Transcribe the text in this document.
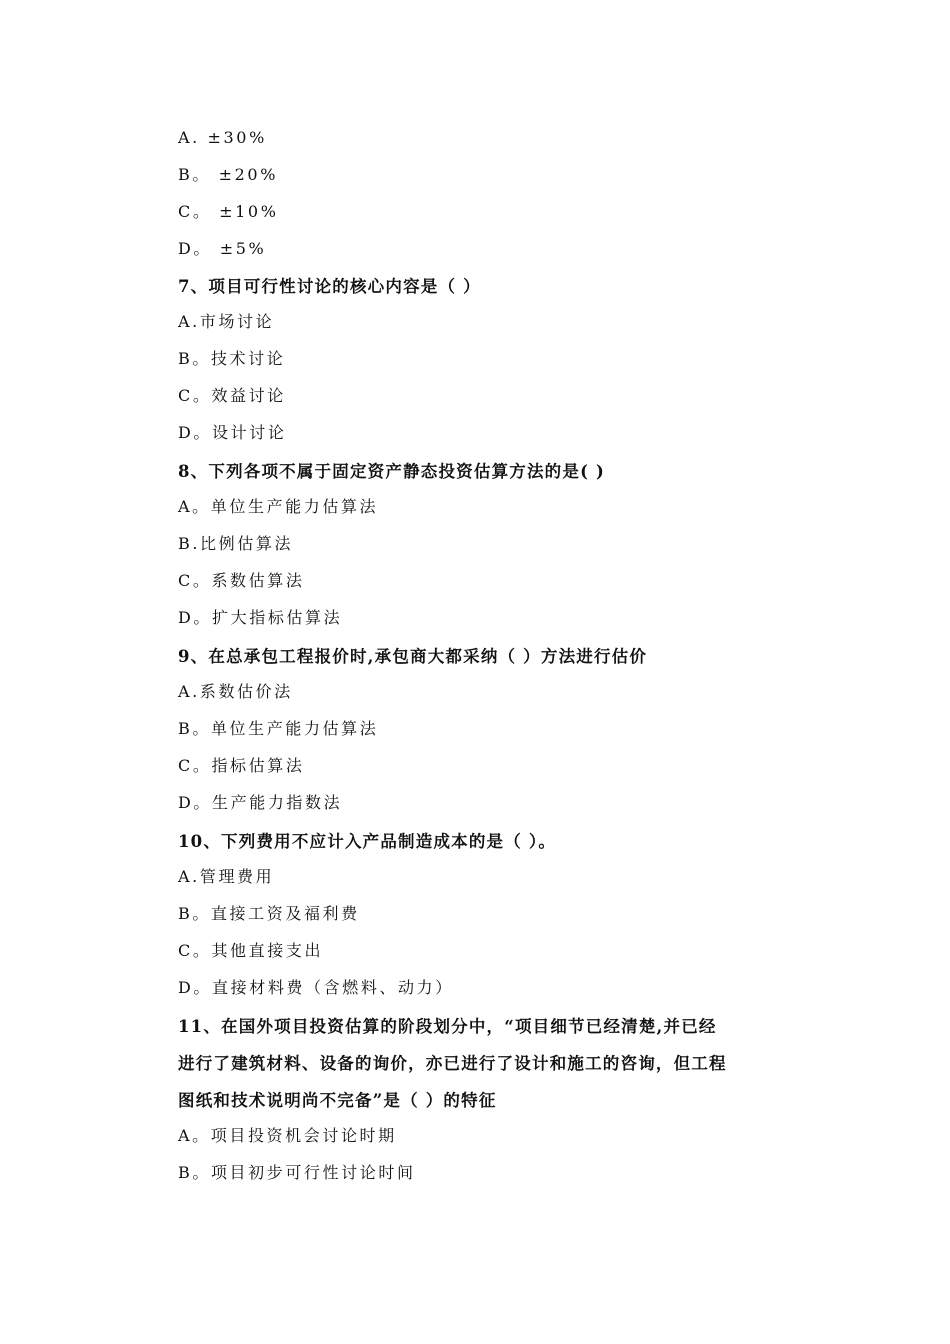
A. ±30%
B。 ±20%
C。 ±10%
D。 ±5%
7、项目可行性讨论的核心内容是（ ）
A.市场讨论
B。技术讨论
C。效益讨论
D。设计讨论
8、下列各项不属于固定资产静态投资估算方法的是( )
A。单位生产能力估算法
B.比例估算法
C。系数估算法
D。扩大指标估算法
9、在总承包工程报价时,承包商大都采纳（ ）方法进行估价
A.系数估价法
B。单位生产能力估算法
C。指标估算法
D。生产能力指数法
10、下列费用不应计入产品制造成本的是（ ）。
A.管理费用
B。直接工资及福利费
C。其他直接支出
D。直接材料费（含燃料、动力）
11、在国外项目投资估算的阶段划分中，“项目细节已经清楚,并已经
进行了建筑材料、设备的询价，亦已进行了设计和施工的咨询，但工程
图纸和技术说明尚不完备”是（ ）的特征
A。项目投资机会讨论时期
B。项目初步可行性讨论时间
